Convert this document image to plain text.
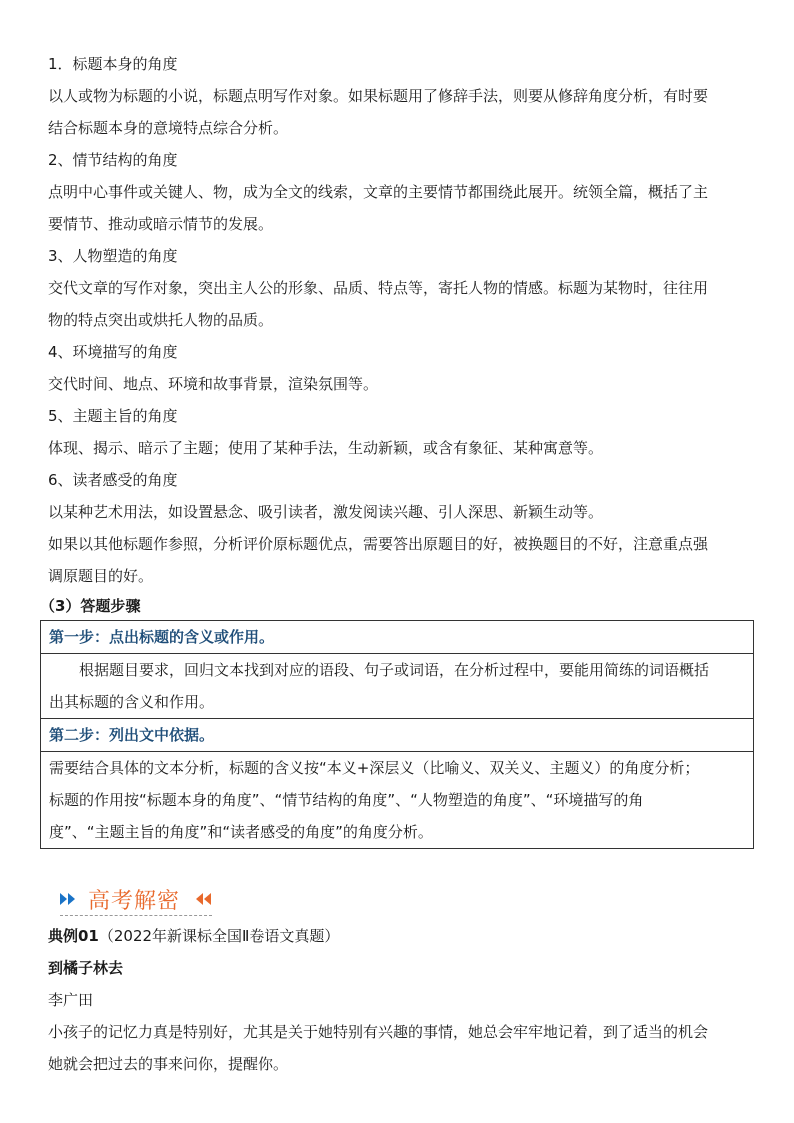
1．标题本身的角度
以人或物为标题的小说，标题点明写作对象。如果标题用了修辞手法，则要从修辞角度分析，有时要
结合标题本身的意境特点综合分析。
2、情节结构的角度
点明中心事件或关键人、物，成为全文的线索，文章的主要情节都围绕此展开。统领全篇，概括了主
要情节、推动或暗示情节的发展。
3、人物塑造的角度
交代文章的写作对象，突出主人公的形象、品质、特点等，寄托人物的情感。标题为某物时，往往用
物的特点突出或烘托人物的品质。
4、环境描写的角度
交代时间、地点、环境和故事背景，渲染氛围等。
5、主题主旨的角度
体现、揭示、暗示了主题；使用了某种手法，生动新颖，或含有象征、某种寓意等。
6、读者感受的角度
以某种艺术用法，如设置悬念、吸引读者，激发阅读兴趣、引人深思、新颖生动等。
如果以其他标题作参照，分析评价原标题优点，需要答出原题目的好，被换题目的不好，注意重点强
调原题目的好。
（3）答题步骤
第一步：点出标题的含义或作用。

根据题目要求，回归文本找到对应的语段、句子或词语，在分析过程中，要能用简练的词语概括
出其标题的含义和作用。

第二步：列出文中依据。

需要结合具体的文本分析，标题的含义按“本义+深层义（比喻义、双关义、主题义）的角度分析；
标题的作用按“标题本身的角度”、“情节结构的角度”、“人物塑造的角度”、“环境描写的角
度”、“主题主旨的角度”和“读者感受的角度”的角度分析。
高考解密
典例01（2022年新课标全国Ⅱ卷语文真题）
到橘子林去
李广田
小孩子的记忆力真是特别好，尤其是关于她特别有兴趣的事情，她总会牢牢地记着，到了适当的机会
她就会把过去的事来问你，提醒你。
